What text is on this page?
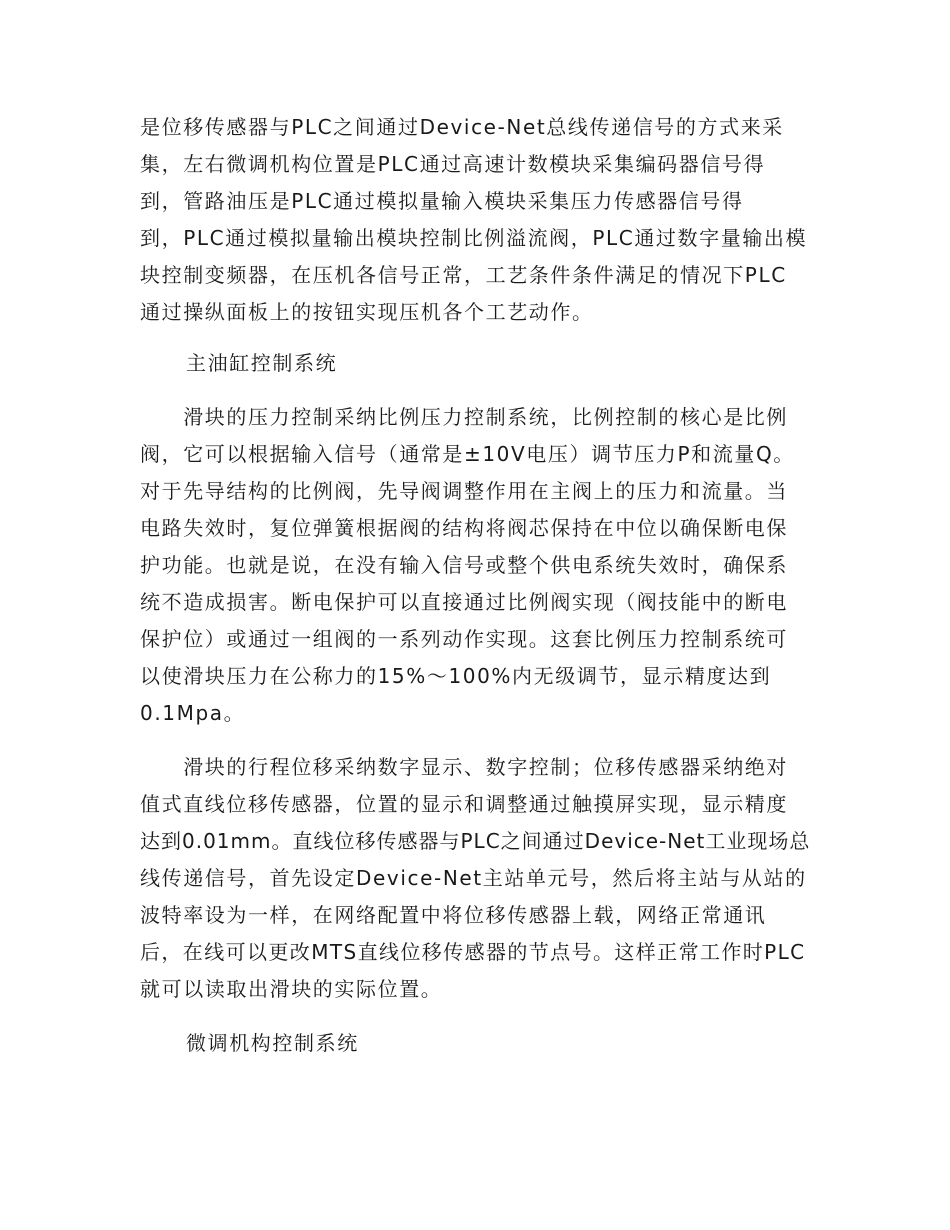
是位移传感器与PLC之间通过Device-Net总线传递信号的方式来采
集，左右微调机构位置是PLC通过高速计数模块采集编码器信号得
到，管路油压是PLC通过模拟量输入模块采集压力传感器信号得
到，PLC通过模拟量输出模块控制比例溢流阀，PLC通过数字量输出模
块控制变频器，在压机各信号正常，工艺条件条件满足的情况下PLC
通过操纵面板上的按钮实现压机各个工艺动作。
主油缸控制系统
　　滑块的压力控制采纳比例压力控制系统，比例控制的核心是比例
阀，它可以根据输入信号（通常是±10V电压）调节压力P和流量Q。
对于先导结构的比例阀，先导阀调整作用在主阀上的压力和流量。当
电路失效时，复位弹簧根据阀的结构将阀芯保持在中位以确保断电保
护功能。也就是说，在没有输入信号或整个供电系统失效时，确保系
统不造成损害。断电保护可以直接通过比例阀实现（阀技能中的断电
保护位）或通过一组阀的一系列动作实现。这套比例压力控制系统可
以使滑块压力在公称力的15%～100%内无级调节，显示精度达到
0.1Mpa。
　　滑块的行程位移采纳数字显示、数字控制；位移传感器采纳绝对
值式直线位移传感器，位置的显示和调整通过触摸屏实现，显示精度
达到0.01mm。直线位移传感器与PLC之间通过Device-Net工业现场总
线传递信号，首先设定Device-Net主站单元号，然后将主站与从站的
波特率设为一样，在网络配置中将位移传感器上载，网络正常通讯
后，在线可以更改MTS直线位移传感器的节点号。这样正常工作时PLC
就可以读取出滑块的实际位置。
微调机构控制系统
